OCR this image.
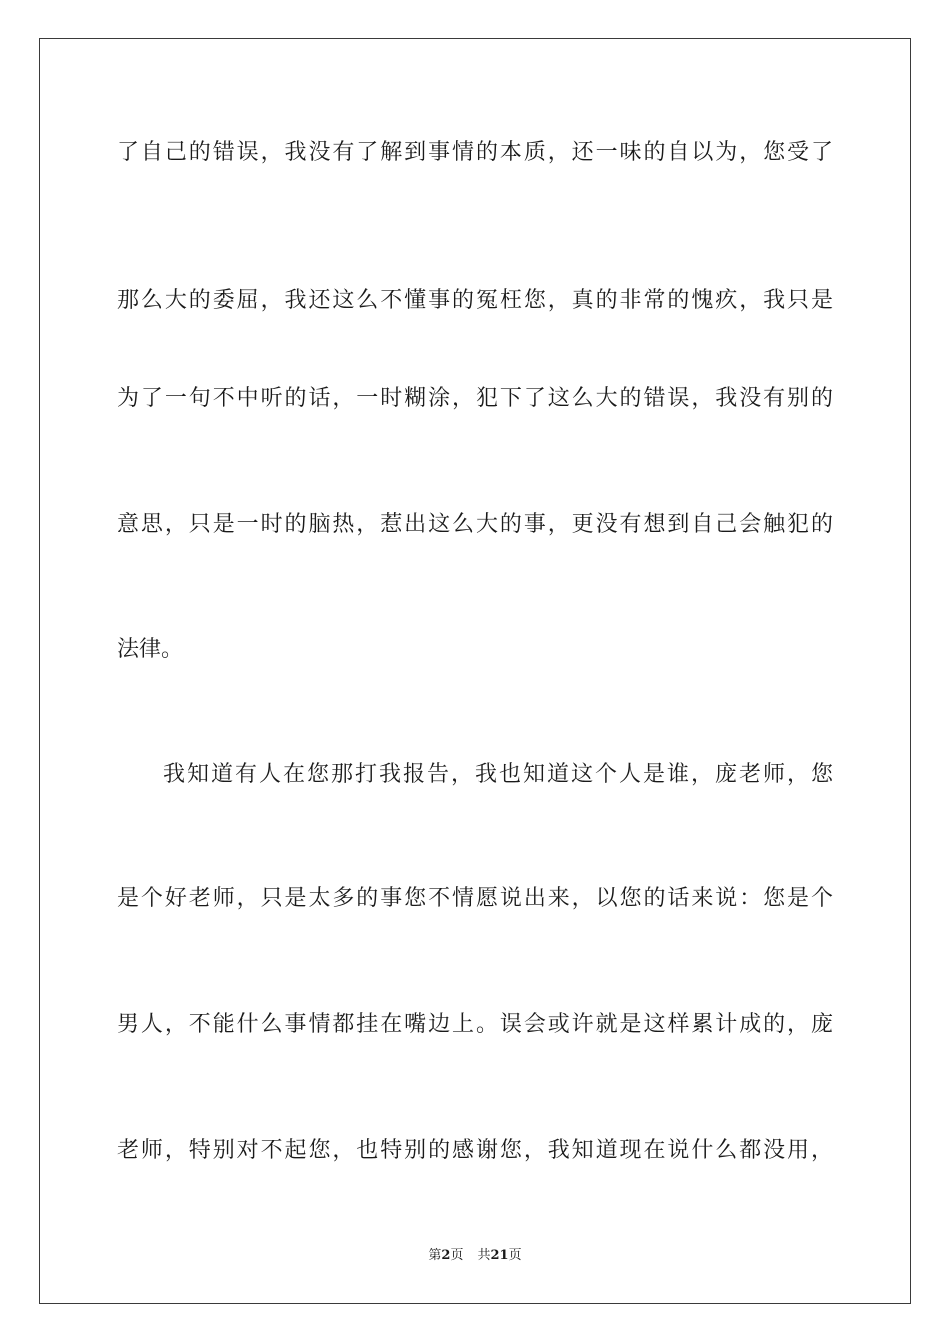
了自己的错误，我没有了解到事情的本质，还一味的自以为，您受了
那么大的委屈，我还这么不懂事的冤枉您，真的非常的愧疚，我只是
为了一句不中听的话，一时糊涂，犯下了这么大的错误，我没有别的
意思，只是一时的脑热，惹出这么大的事，更没有想到自己会触犯的
法律。
我知道有人在您那打我报告，我也知道这个人是谁，庞老师，您
是个好老师，只是太多的事您不情愿说出来，以您的话来说：您是个
男人，不能什么事情都挂在嘴边上。误会或许就是这样累计成的，庞
老师，特别对不起您，也特别的感谢您，我知道现在说什么都没用，
第2页 共21页
